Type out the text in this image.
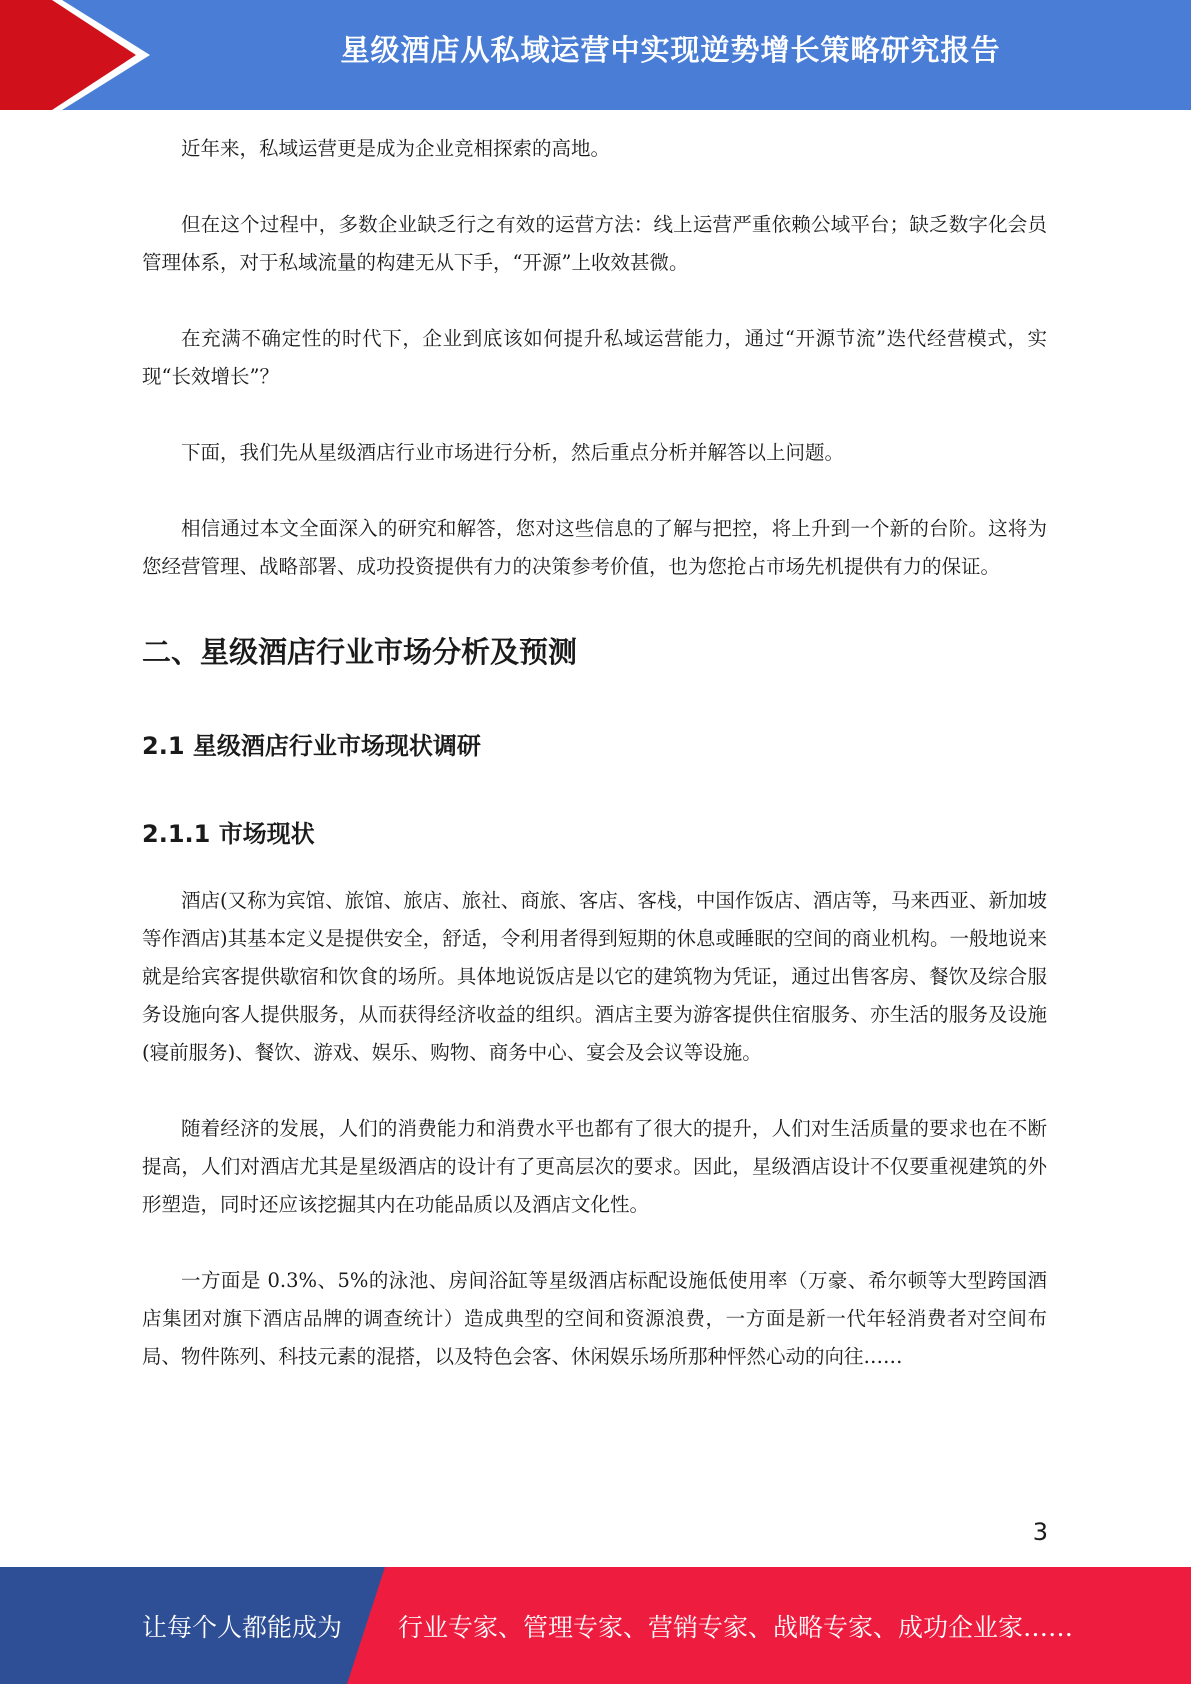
星级酒店从私域运营中实现逆势增长策略研究报告

近年来，私域运营更是成为企业竞相探索的高地。

但在这个过程中，多数企业缺乏行之有效的运营方法：线上运营严重依赖公域平台；缺乏数字化会员管理体系，对于私域流量的构建无从下手，“开源”上收效甚微。

在充满不确定性的时代下，企业到底该如何提升私域运营能力，通过“开源节流”迭代经营模式，实现“长效增长”？

下面，我们先从星级酒店行业市场进行分析，然后重点分析并解答以上问题。

相信通过本文全面深入的研究和解答，您对这些信息的了解与把控，将上升到一个新的台阶。这将为您经营管理、战略部署、成功投资提供有力的决策参考价值，也为您抢占市场先机提供有力的保证。

二、星级酒店行业市场分析及预测
2.1 星级酒店行业市场现状调研
2.1.1 市场现状

酒店(又称为宾馆、旅馆、旅店、旅社、商旅、客店、客栈，中国作饭店、酒店等，马来西亚、新加坡等作酒店)其基本定义是提供安全，舒适，令利用者得到短期的休息或睡眠的空间的商业机构。一般地说来就是给宾客提供歇宿和饮食的场所。具体地说饭店是以它的建筑物为凭证，通过出售客房、餐饮及综合服务设施向客人提供服务，从而获得经济收益的组织。酒店主要为游客提供住宿服务、亦生活的服务及设施(寝前服务)、餐饮、游戏、娱乐、购物、商务中心、宴会及会议等设施。

随着经济的发展，人们的消费能力和消费水平也都有了很大的提升，人们对生活质量的要求也在不断提高，人们对酒店尤其是星级酒店的设计有了更高层次的要求。因此，星级酒店设计不仅要重视建筑的外形塑造，同时还应该挖掘其内在功能品质以及酒店文化性。

一方面是 0.3%、5%的泳池、房间浴缸等星级酒店标配设施低使用率（万豪、希尔顿等大型跨国酒店集团对旗下酒店品牌的调查统计）造成典型的空间和资源浪费，一方面是新一代年轻消费者对空间布局、物件陈列、科技元素的混搭，以及特色会客、休闲娱乐场所那种怦然心动的向往……

3
让每个人都能成为 行业专家、管理专家、营销专家、战略专家、成功企业家……
